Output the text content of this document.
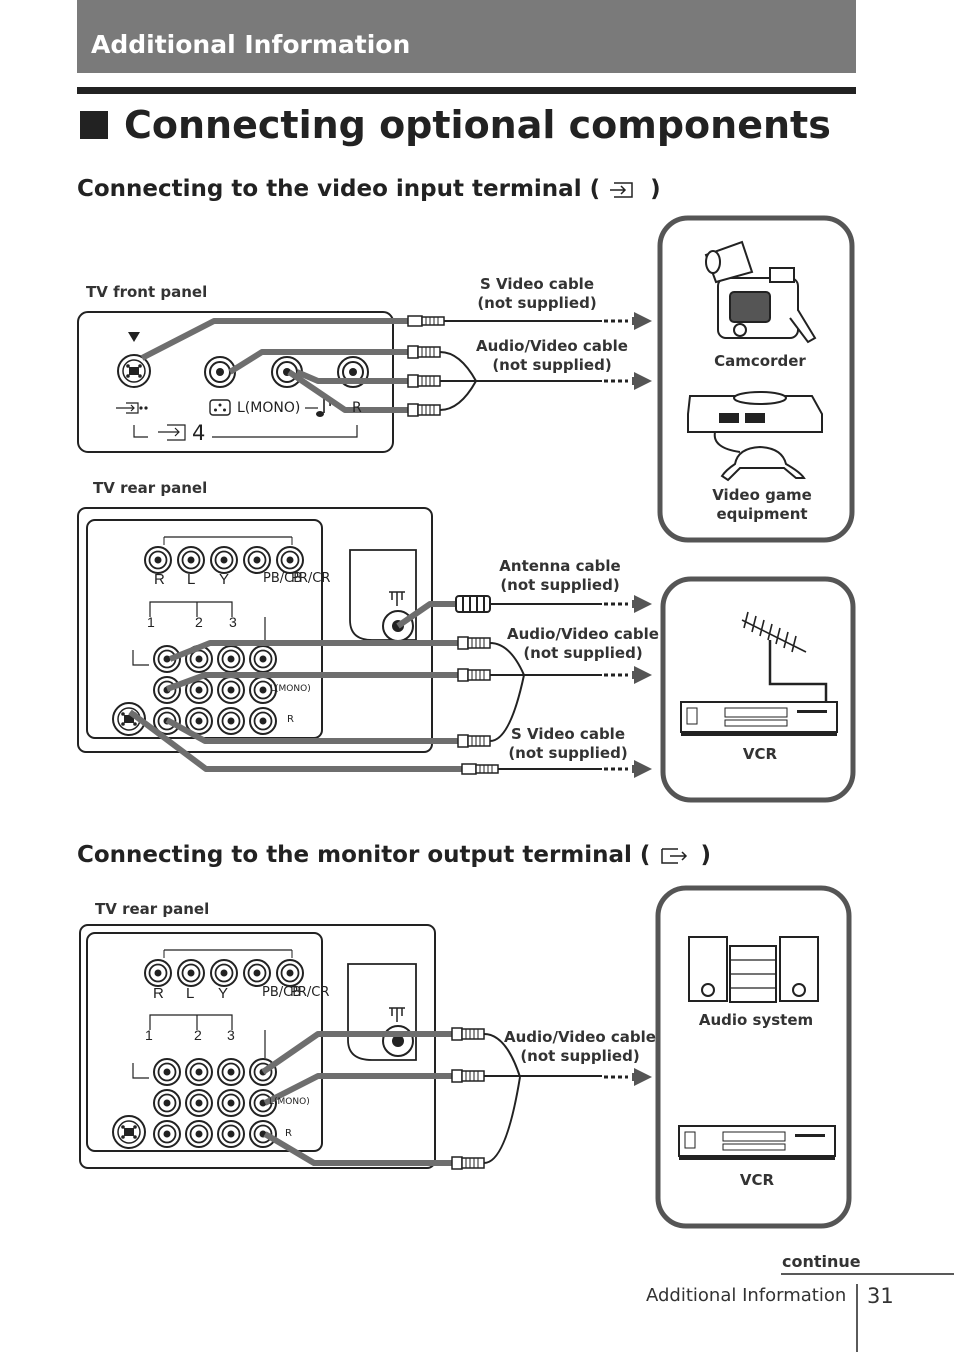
Additional Information
Connecting optional components
Connecting to the video input terminal ( )
Connecting to the monitor output terminal ( )
R L Y
1	2 3
R L Y
1	2 3
TV front panel
4
L(MONO)	R
S Video cable
(not supplied)
Audio/Video cable
(not supplied)	Camcorder
Video game
equipment
TV rear panel
Antenna cable
(not supplied)
Audio/Video cable
(not supplied)
S Video cable
(not supplied)	VCR
TV rear panel
Audio/Video cable
(not supplied)
Audio system
VCR
PB/CB
PB/CB
L(MONO)
L(MONO)
R
R
continue
Additional Information 31
PR/CR
PR/CR
